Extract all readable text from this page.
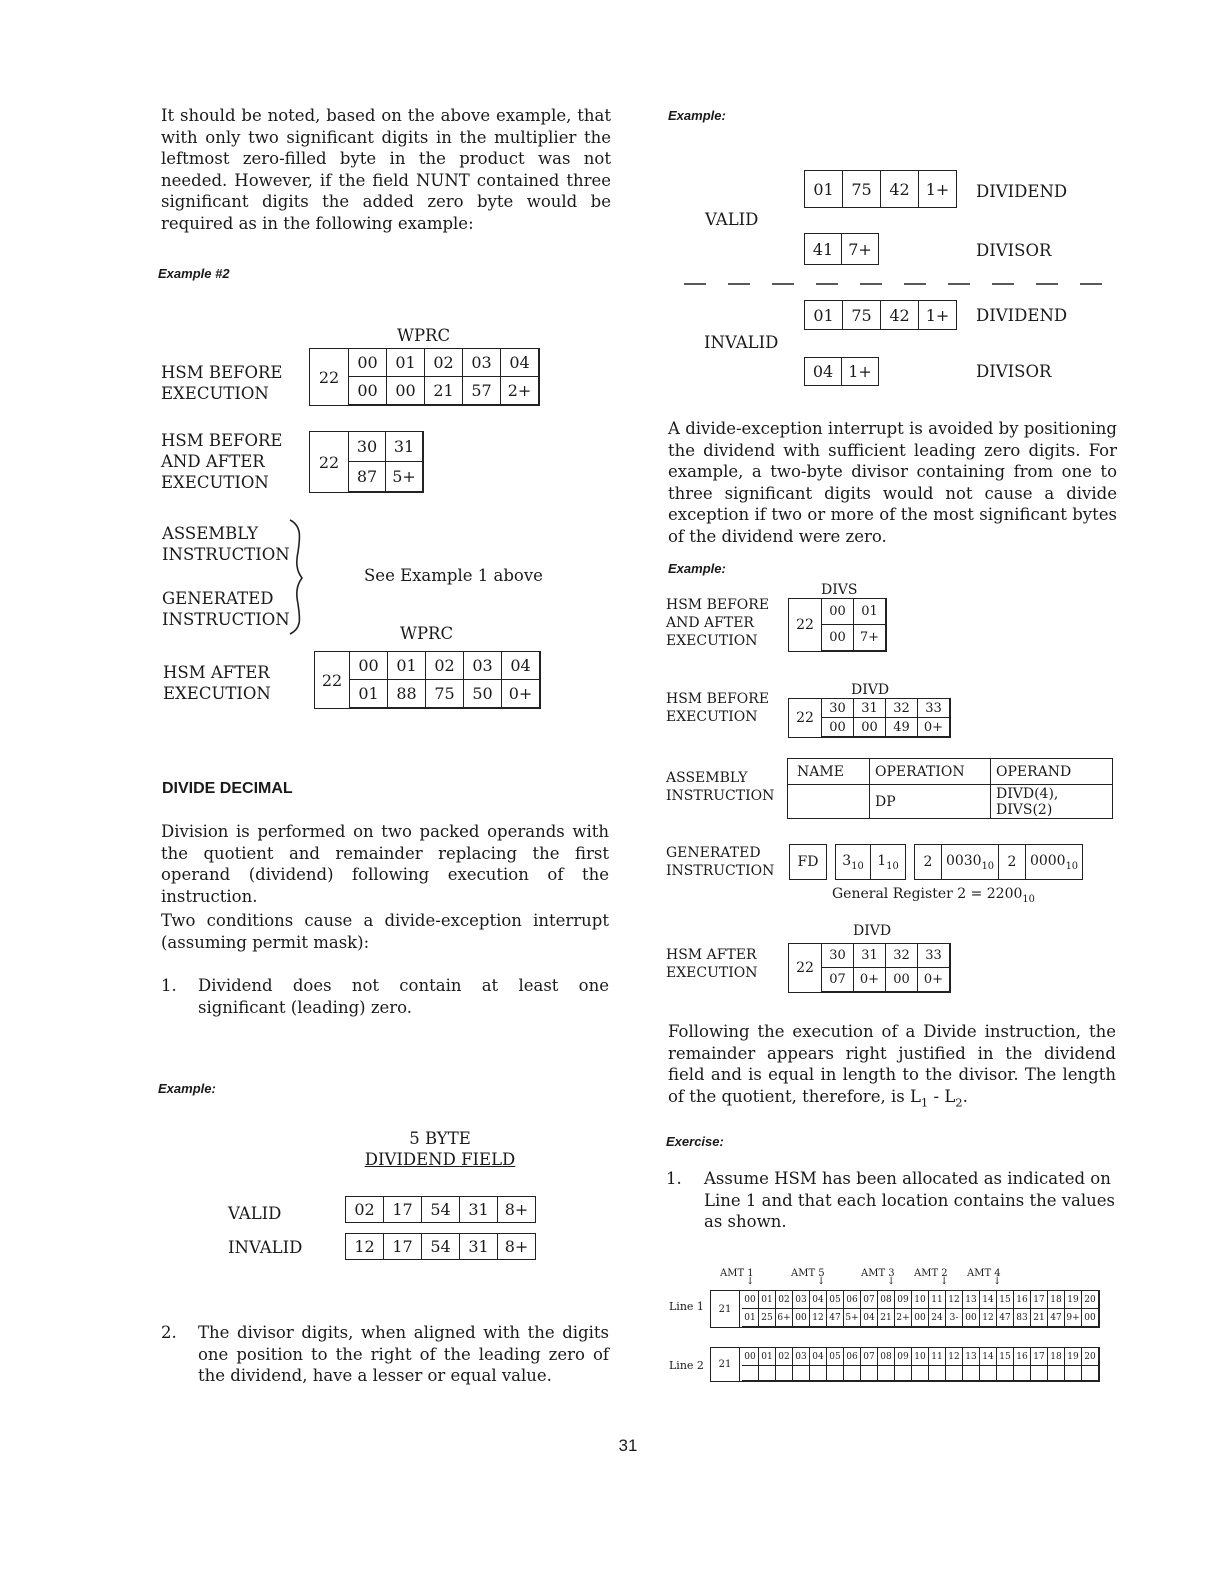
It should be noted, based on the above example, that with only two significant digits in the multiplier the leftmost zero-filled byte in the product was not needed. However, if the field NUNT contained three significant digits the added zero byte would be required as in the following example:

Example #2
WPRC
HSM BEFORE
EXECUTION
22
00	01	02	03	04
00	00	21	57	2+
HSM BEFORE
AND AFTER
EXECUTION
22
30	31
87	5+
ASSEMBLY
INSTRUCTION
GENERATED
INSTRUCTION
See Example 1 above
WPRC
HSM AFTER
EXECUTION
22
00	01	02	03	04
01	88	75	50	0+
DIVIDE DECIMAL

Division is performed on two packed operands with the quotient and remainder replacing the first operand (dividend) following execution of the instruction.

Two conditions cause a divide-exception interrupt (assuming permit mask):

1. Dividend does not contain at least one significant (leading) zero.

Example:
5 BYTE
DIVIDEND FIELD
VALID
INVALID
02	17	54	31	8+
12	17	54	31	8+
2. The divisor digits, when aligned with the digits one position to the right of the leading zero of the dividend, have a lesser or equal value.

Example:
VALID
01	75	42	1+ DIVIDEND
41	7+	DIVISOR
01	75	42	1+ DIVIDEND
INVALID
04	1+	DIVISOR

A divide-exception interrupt is avoided by positioning the dividend with sufficient leading zero digits. For example, a two-byte divisor containing from one to three significant digits would not cause a divide exception if two or more of the most significant bytes of the dividend were zero.

Example:
DIVS
HSM BEFORE
AND AFTER
EXECUTION
22
00	01
00	7+
DIVD
HSM BEFORE
EXECUTION	22
30	31	32	33
00	00	49	0+
ASSEMBLY
INSTRUCTION
NAME	OPERATION	OPERAND
	DP	DIVD(4), DIVS(2)
GENERATED
INSTRUCTION
FD		$3_{10}$	$1_{10}$		2	$0030_{10}$	2	$0000_{10}$
General Register $2 = 2200_{10}$
DIVD
HSM AFTER
EXECUTION	22
30	31	32	33
07	0+	00	0+

Following the execution of a Divide instruction, the remainder appears right justified in the dividend field and is equal in length to the divisor. The length of the quotient, therefore, is $L_1 - L_2$.

Exercise:
1. Assume HSM has been allocated as indicated on Line 1 and that each location contains the values as shown.

AMT 1
↓
AMT 5
↓
AMT 3
↓
AMT 2
↓
AMT 4
↓
Line 1	21
00	01	02	03	04	05	06	07	08	09	10	11	12	13	14	15	16	17	18	19	20
01	25	6+	00	12	47	5+	04	21	2+	00	24	3-	00	12	47	83	21	47	9+	00
Line 2	21
00	01	02	03	04	05	06	07	08	09	10	11	12	13	14	15	16	17	18	19	20

31
